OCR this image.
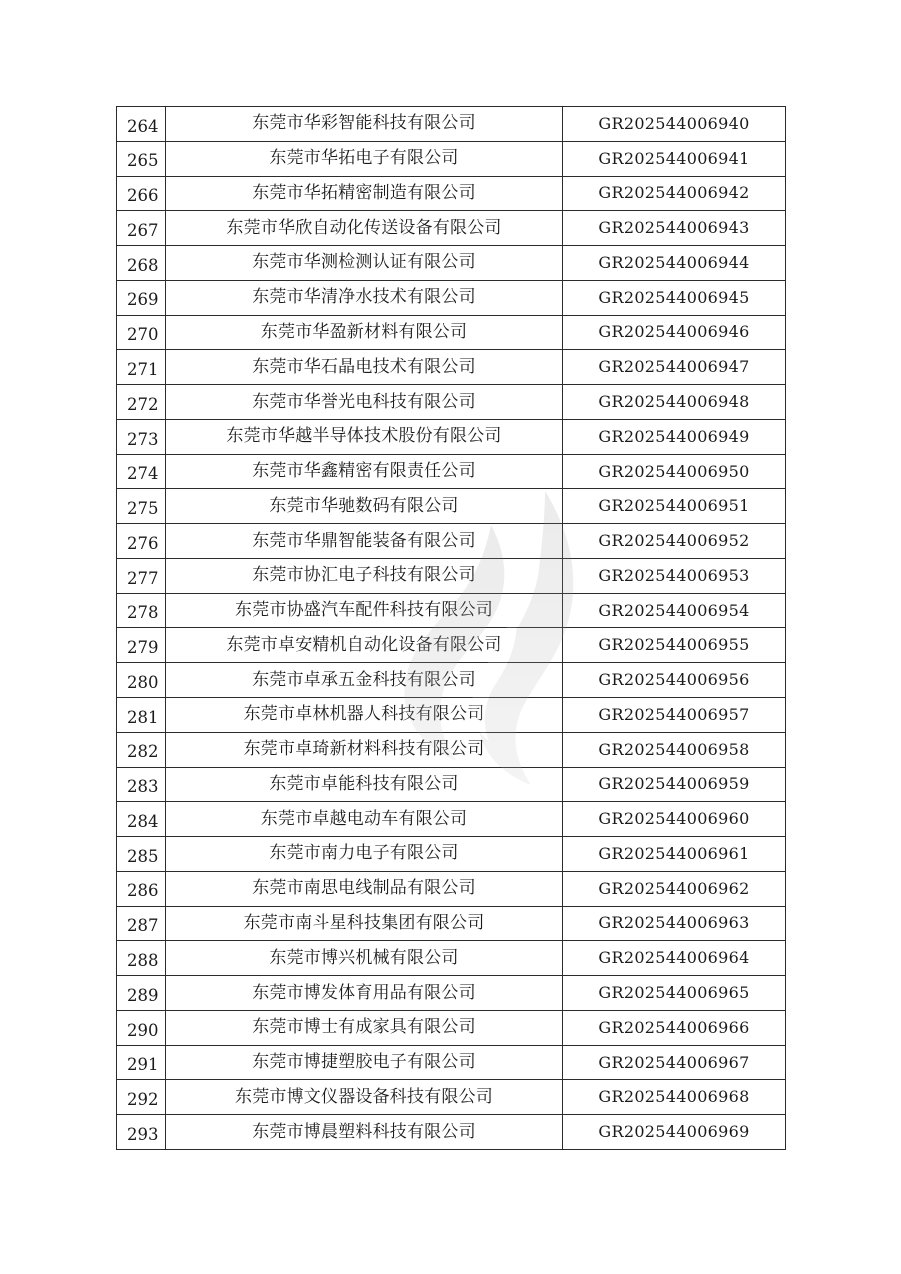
264	东莞市华彩智能科技有限公司	GR202544006940
265	东莞市华拓电子有限公司	GR202544006941
266	东莞市华拓精密制造有限公司	GR202544006942
267	东莞市华欣自动化传送设备有限公司	GR202544006943
268	东莞市华测检测认证有限公司	GR202544006944
269	东莞市华清净水技术有限公司	GR202544006945
270	东莞市华盈新材料有限公司	GR202544006946
271	东莞市华石晶电技术有限公司	GR202544006947
272	东莞市华誉光电科技有限公司	GR202544006948
273	东莞市华越半导体技术股份有限公司	GR202544006949
274	东莞市华鑫精密有限责任公司	GR202544006950
275	东莞市华驰数码有限公司	GR202544006951
276	东莞市华鼎智能装备有限公司	GR202544006952
277	东莞市协汇电子科技有限公司	GR202544006953
278	东莞市协盛汽车配件科技有限公司	GR202544006954
279	东莞市卓安精机自动化设备有限公司	GR202544006955
280	东莞市卓承五金科技有限公司	GR202544006956
281	东莞市卓林机器人科技有限公司	GR202544006957
282	东莞市卓琦新材料科技有限公司	GR202544006958
283	东莞市卓能科技有限公司	GR202544006959
284	东莞市卓越电动车有限公司	GR202544006960
285	东莞市南力电子有限公司	GR202544006961
286	东莞市南思电线制品有限公司	GR202544006962
287	东莞市南斗星科技集团有限公司	GR202544006963
288	东莞市博兴机械有限公司	GR202544006964
289	东莞市博发体育用品有限公司	GR202544006965
290	东莞市博士有成家具有限公司	GR202544006966
291	东莞市博捷塑胶电子有限公司	GR202544006967
292	东莞市博文仪器设备科技有限公司	GR202544006968
293	东莞市博晨塑料科技有限公司	GR202544006969
